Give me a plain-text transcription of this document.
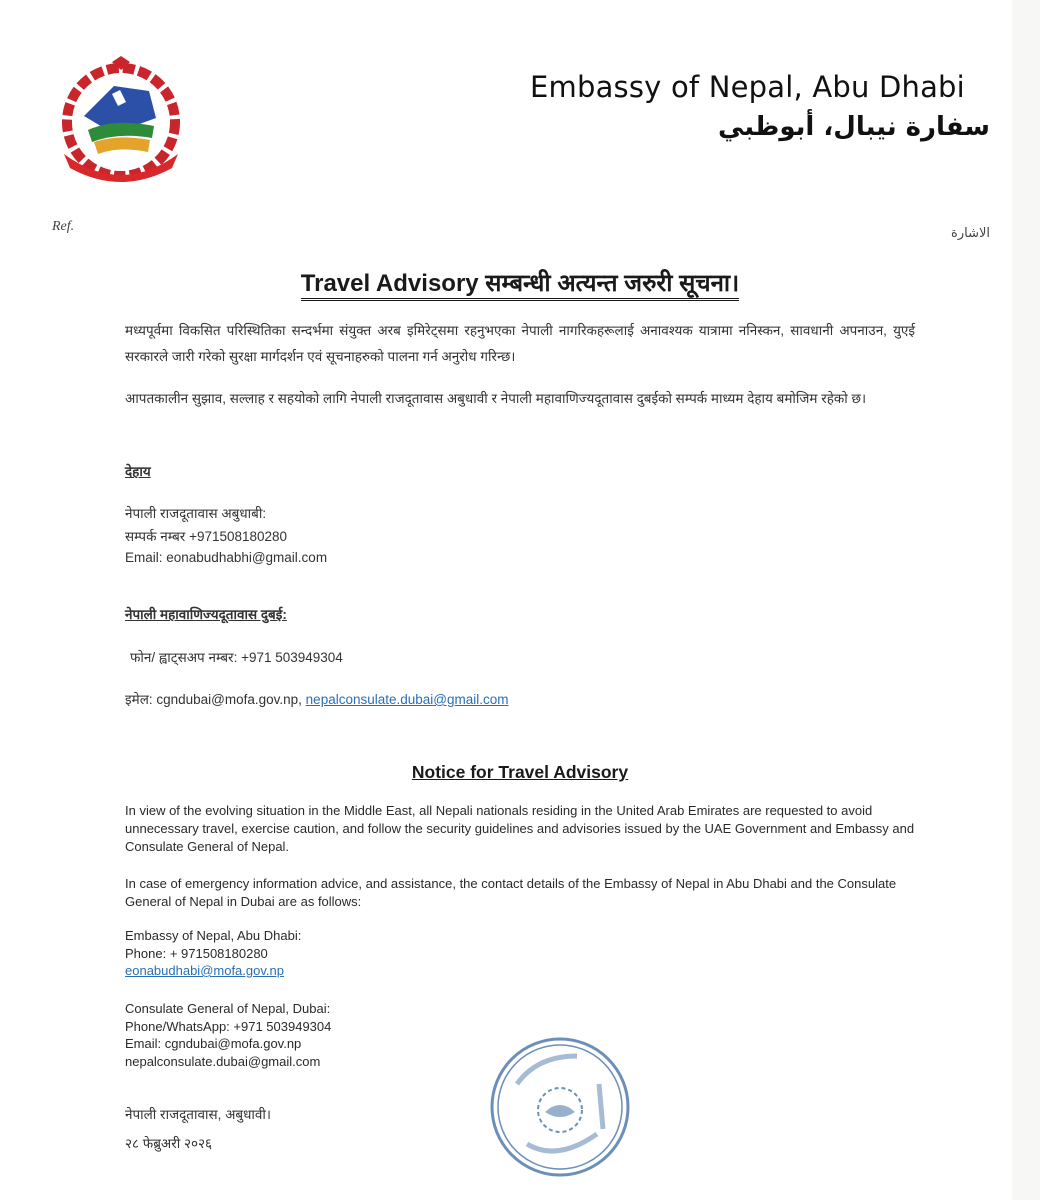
Embassy of Nepal, Abu Dhabi
سفارة نيبال، أبوظبي
Ref.	الاشارة
Travel Advisory सम्बन्धी अत्यन्त जरुरी सूचना।
मध्यपूर्वमा विकसित परिस्थितिका सन्दर्भमा संयुक्त अरब इमिरेट्समा रहनुभएका नेपाली नागरिकहरूलाई अनावश्यक यात्रामा ननिस्कन, सावधानी अपनाउन, युएई सरकारले जारी गरेको सुरक्षा मार्गदर्शन एवं सूचनाहरुको पालना गर्न अनुरोध गरिन्छ।
आपतकालीन सुझाव, सल्लाह र सहयोको लागि नेपाली राजदूतावास अबुधावी र नेपाली महावाणिज्यदूतावास दुबईको सम्पर्क माध्यम देहाय बमोजिम रहेको छ।
देहाय
नेपाली राजदूतावास अबुधाबी:
सम्पर्क नम्बर +971508180280
Email: eonabudhabhi@gmail.com
नेपाली महावाणिज्यदूतावास दुबई:
फोन/ ह्वाट्सअप नम्बर: +971 503949304
इमेल: cgndubai@mofa.gov.np, nepalconsulate.dubai@gmail.com
Notice for Travel Advisory
In view of the evolving situation in the Middle East, all Nepali nationals residing in the United Arab Emirates are requested to avoid unnecessary travel, exercise caution, and follow the security guidelines and advisories issued by the UAE Government and Embassy and Consulate General of Nepal.
In case of emergency information advice, and assistance, the contact details of the Embassy of Nepal in Abu Dhabi and the Consulate General of Nepal in Dubai are as follows:
Embassy of Nepal, Abu Dhabi:
Phone: + 971508180280
eonabudhabi@mofa.gov.np
Consulate General of Nepal, Dubai:
Phone/WhatsApp: +971 503949304
Email: cgndubai@mofa.gov.np
nepalconsulate.dubai@gmail.com
नेपाली राजदूतावास, अबुधावी।
२८ फेब्रुअरी २०२६
